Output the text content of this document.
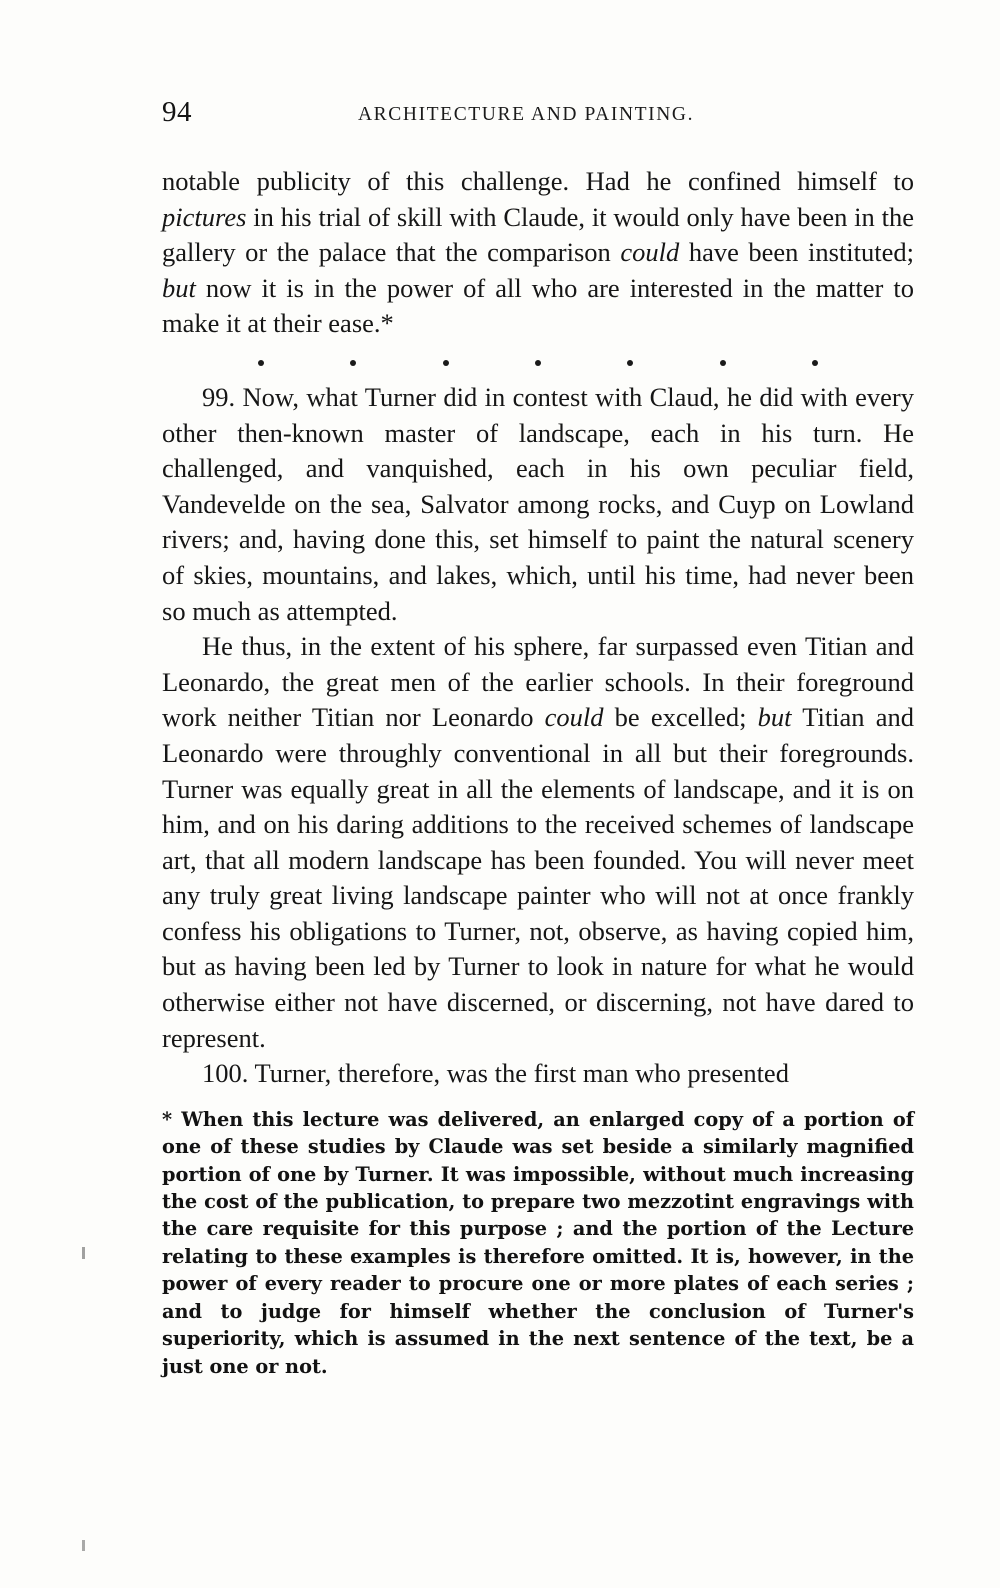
94	ARCHITECTURE AND PAINTING.

notable publicity of this challenge. Had he confined himself to pictures in his trial of skill with Claude, it would only have been in the gallery or the palace that the comparison could have been instituted; but now it is in the power of all who are interested in the matter to make it at their ease.*

99. Now, what Turner did in contest with Claud, he did with every other then-known master of landscape, each in his turn. He challenged, and vanquished, each in his own peculiar field, Vandevelde on the sea, Salvator among rocks, and Cuyp on Lowland rivers; and, having done this, set himself to paint the natural scenery of skies, mountains, and lakes, which, until his time, had never been so much as attempted.

He thus, in the extent of his sphere, far surpassed even Titian and Leonardo, the great men of the earlier schools. In their foreground work neither Titian nor Leonardo could be excelled; but Titian and Leonardo were throughly conventional in all but their foregrounds. Turner was equally great in all the elements of landscape, and it is on him, and on his daring additions to the received schemes of landscape art, that all modern landscape has been founded. You will never meet any truly great living landscape painter who will not at once frankly confess his obligations to Turner, not, observe, as having copied him, but as having been led by Turner to look in nature for what he would otherwise either not have discerned, or discerning, not have dared to represent.

100. Turner, therefore, was the first man who presented

* When this lecture was delivered, an enlarged copy of a portion of one of these studies by Claude was set beside a similarly magnified portion of one by Turner. It was impossible, without much increasing the cost of the publication, to prepare two mezzotint engravings with the care requisite for this purpose ; and the portion of the Lecture relating to these examples is therefore omitted. It is, however, in the power of every reader to procure one or more plates of each series ; and to judge for himself whether the conclusion of Turner's superiority, which is assumed in the next sentence of the text, be a just one or not.
